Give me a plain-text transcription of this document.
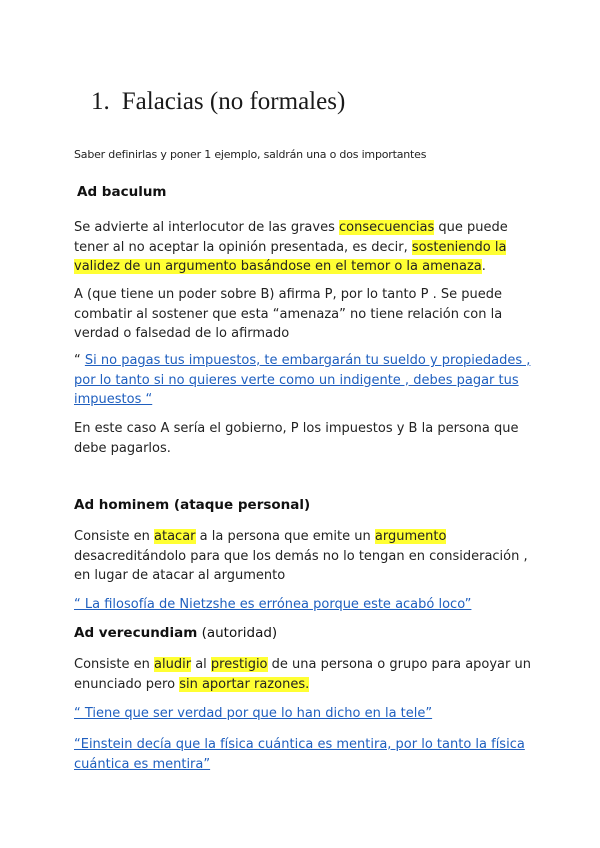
1. Falacias (no formales)
Saber definirlas y poner 1 ejemplo, saldrán una o dos importantes
Ad baculum
Se advierte al interlocutor de las graves consecuencias que puede tener al no aceptar la opinión presentada, es decir, sosteniendo la validez de un argumento basándose en el temor o la amenaza.
A (que tiene un poder sobre B) afirma P, por lo tanto P . Se puede combatir al sostener que esta “amenaza” no tiene relación con la verdad o falsedad de lo afirmado
“ Si no pagas tus impuestos, te embargarán tu sueldo y propiedades , por lo tanto si no quieres verte como un indigente , debes pagar tus impuestos “
En este caso A sería el gobierno, P los impuestos y B la persona que debe pagarlos.
Ad hominem (ataque personal)
Consiste en atacar a la persona que emite un argumento desacreditándolo para que los demás no lo tengan en consideración , en lugar de atacar al argumento
“ La filosofía de Nietzshe es errónea porque este acabó loco”
Ad verecundiam (autoridad)
Consiste en aludir al prestigio de una persona o grupo para apoyar un enunciado pero sin aportar razones.
“ Tiene que ser verdad por que lo han dicho en la tele”
“Einstein decía que la física cuántica es mentira, por lo tanto la física cuántica es mentira”
